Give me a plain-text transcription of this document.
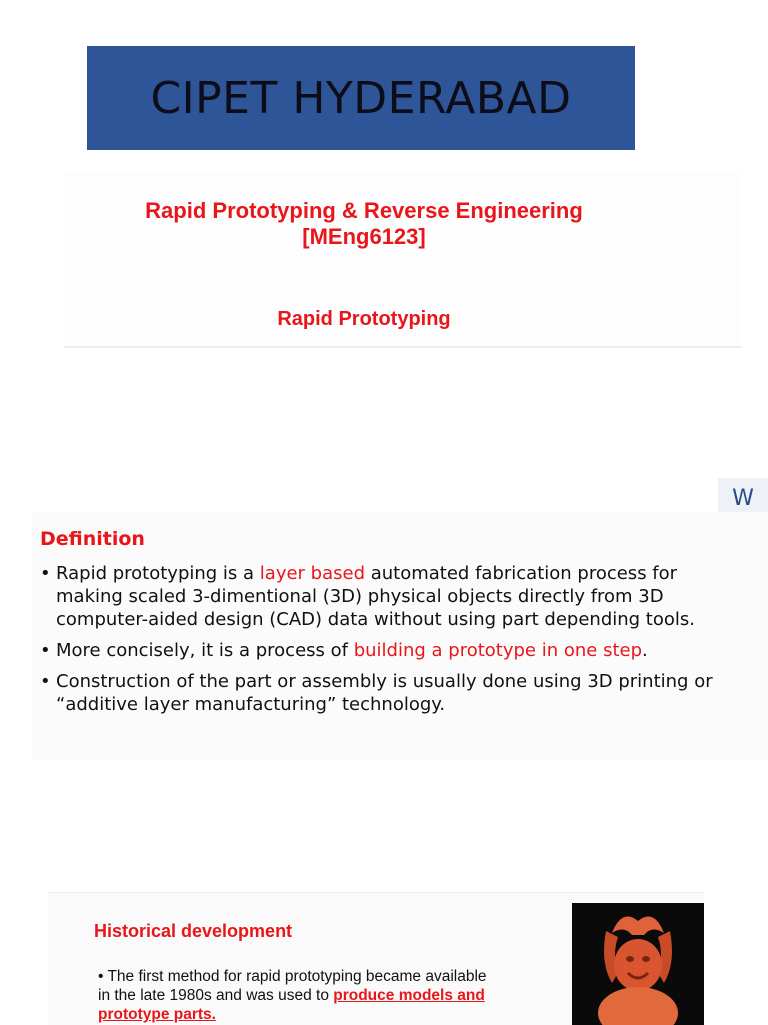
CIPET HYDERABAD
Rapid Prototyping & Reverse Engineering
[MEng6123]
Rapid Prototyping
W
Definition
• Rapid prototyping is a layer based automated fabrication process for making scaled 3-dimentional (3D) physical objects directly from 3D computer-aided design (CAD) data without using part depending tools.
• More concisely, it is a process of building a prototype in one step.
• Construction of the part or assembly is usually done using 3D printing or “additive layer manufacturing” technology.
Historical development
• The first method for rapid prototyping became available in the late 1980s and was used to produce models and prototype parts.
